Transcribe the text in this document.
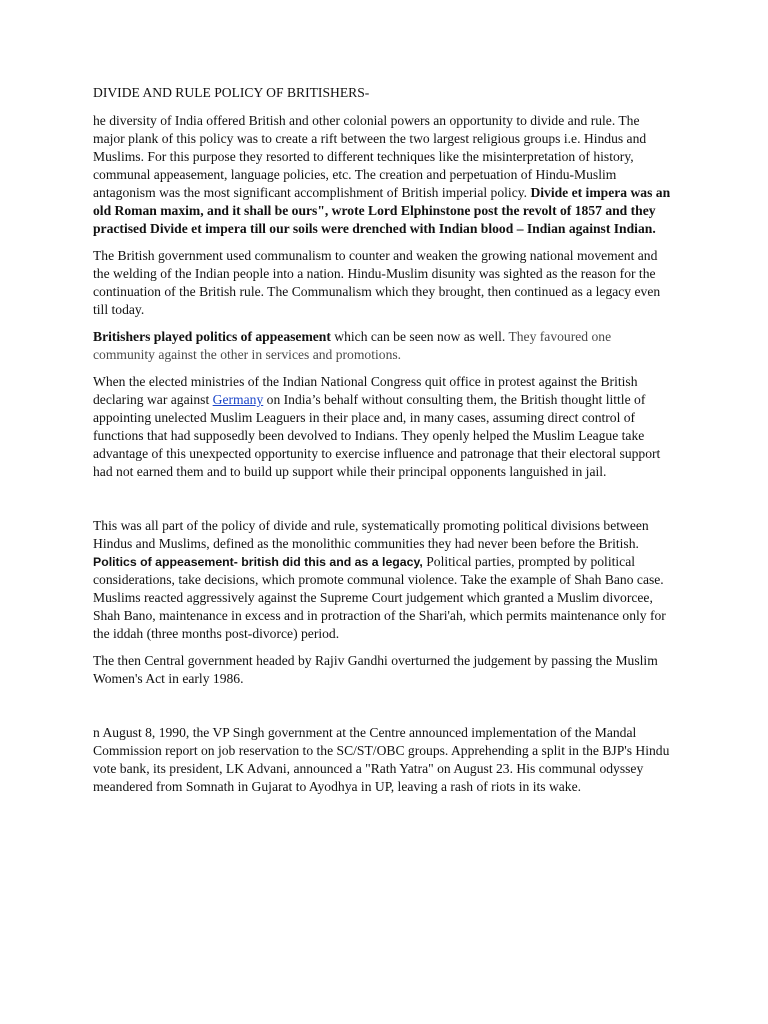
DIVIDE AND RULE POLICY OF BRITISHERS-

he diversity of India offered British and other colonial powers an opportunity to divide and rule. The major plank of this policy was to create a rift between the two largest religious groups i.e. Hindus and Muslims. For this purpose they resorted to different techniques like the misinterpretation of history, communal appeasement, language policies, etc. The creation and perpetuation of Hindu-Muslim antagonism was the most significant accomplishment of British imperial policy. Divide et impera was an old Roman maxim, and it shall be ours", wrote Lord Elphinstone post the revolt of 1857 and they practised Divide et impera till our soils were drenched with Indian blood – Indian against Indian.

The British government used communalism to counter and weaken the growing national movement and the welding of the Indian people into a nation. Hindu-Muslim disunity was sighted as the reason for the continuation of the British rule. The Communalism which they brought, then continued as a legacy even till today.

Britishers played politics of appeasement which can be seen now as well. They favoured one community against the other in services and promotions.

When the elected ministries of the Indian National Congress quit office in protest against the British declaring war against Germany on India’s behalf without consulting them, the British thought little of appointing unelected Muslim Leaguers in their place and, in many cases, assuming direct control of functions that had supposedly been devolved to Indians. They openly helped the Muslim League take advantage of this unexpected opportunity to exercise influence and patronage that their electoral support had not earned them and to build up support while their principal opponents languished in jail.

This was all part of the policy of divide and rule, systematically promoting political divisions between Hindus and Muslims, defined as the monolithic communities they had never been before the British. Politics of appeasement- british did this and as a legacy, Political parties, prompted by political considerations, take decisions, which promote communal violence. Take the example of Shah Bano case. Muslims reacted aggressively against the Supreme Court judgement which granted a Muslim divorcee, Shah Bano, maintenance in excess and in protraction of the Shari'ah, which permits maintenance only for the iddah (three months post-divorce) period.

The then Central government headed by Rajiv Gandhi overturned the judgement by passing the Muslim Women's Act in early 1986.

n August 8, 1990, the VP Singh government at the Centre announced implementation of the Mandal Commission report on job reservation to the SC/ST/OBC groups. Apprehending a split in the BJP's Hindu vote bank, its president, LK Advani, announced a "Rath Yatra" on August 23. His communal odyssey meandered from Somnath in Gujarat to Ayodhya in UP, leaving a rash of riots in its wake.
